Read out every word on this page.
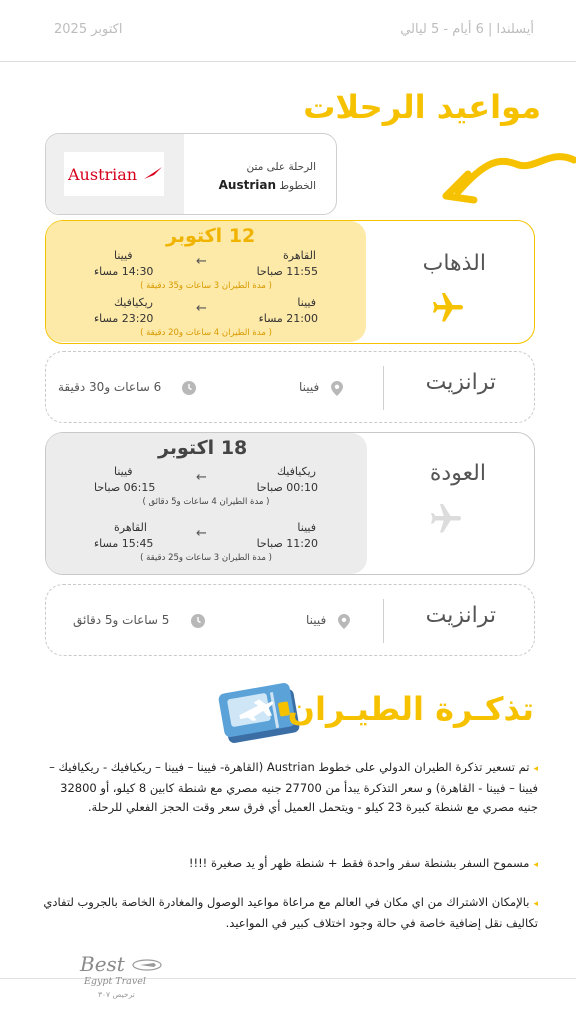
اكتوبر 2025	أيسلندا | 6 أيام - 5 ليالي
مواعيد الرحلات
Austrian	الرحلة على متن
الخطوط Austrian
12 اكتوبر
القاهرة
11:55 صباحا
←
فيينا
14:30 مساء
( مدة الطيران 3 ساعات و35 دقيقة )
فيينا
21:00 مساء
←
ريكيافيك
23:20 مساء
( مدة الطيران 4 ساعات و20 دقيقة )
الذهاب
ترانزيت
فيينا
6 ساعات و30 دقيقة
18 اكتوبر
ريكيافيك
00:10 صباحا
←
فيينا
06:15 صباحا
( مدة الطيران 4 ساعات و5 دقائق )
فيينا
11:20 صباحا
←
القاهرة
15:45 مساء
( مدة الطيران 3 ساعات و25 دقيقة )
العودة
ترانزيت
فيينا
5 ساعات و5 دقائق
تذكـرة الطيـران
◂تم تسعير تذكرة الطيران الدولي على خطوط Austrian (القاهرة- فيينا – فيينا – ريكيافيك - ريكيافيك – فيينا – فيينا - القاهرة) و سعر التذكرة يبدأ من 27700 جنيه مصري مع شنطة كابين 8 كيلو، أو 32800 جنيه مصري مع شنطة كبيرة 23 كيلو - ويتحمل العميل أي فرق سعر وقت الحجز الفعلي للرحلة.
◂مسموح السفر بشنطة سفر واحدة فقط + شنطة ظهر أو يد صغيرة !!!!
◂بالإمكان الاشتراك من اي مكان في العالم مع مراعاة مواعيد الوصول والمغادرة الخاصة بالجروب لتفادي تكاليف نقل إضافية خاصة في حالة وجود اختلاف كبير في المواعيد.
Best
Egypt Travel
ترخيص ٣٠٧
